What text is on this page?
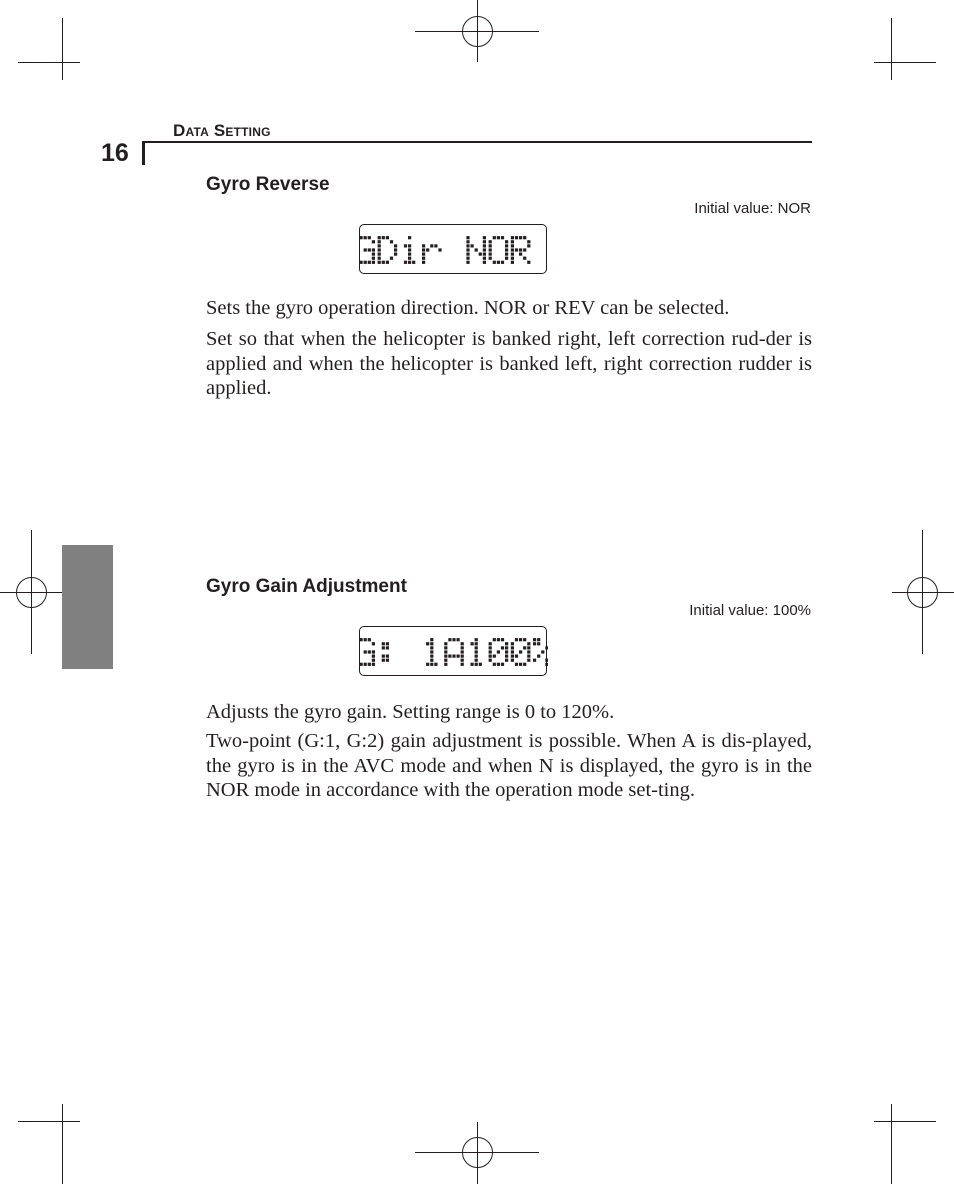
Data Setting
16
Gyro Reverse
Initial value: NOR

Sets the gyro operation direction. NOR or REV can be selected.

Set so that when the helicopter is banked right, left correction rud-der is applied and when the helicopter is banked left, right correction rudder is applied.

Gyro Gain Adjustment
Initial value: 100%

Adjusts the gyro gain. Setting range is 0 to 120%.

Two-point (G:1, G:2) gain adjustment is possible. When A is dis-played, the gyro is in the AVC mode and when N is displayed, the gyro is in the NOR mode in accordance with the operation mode set-ting.
